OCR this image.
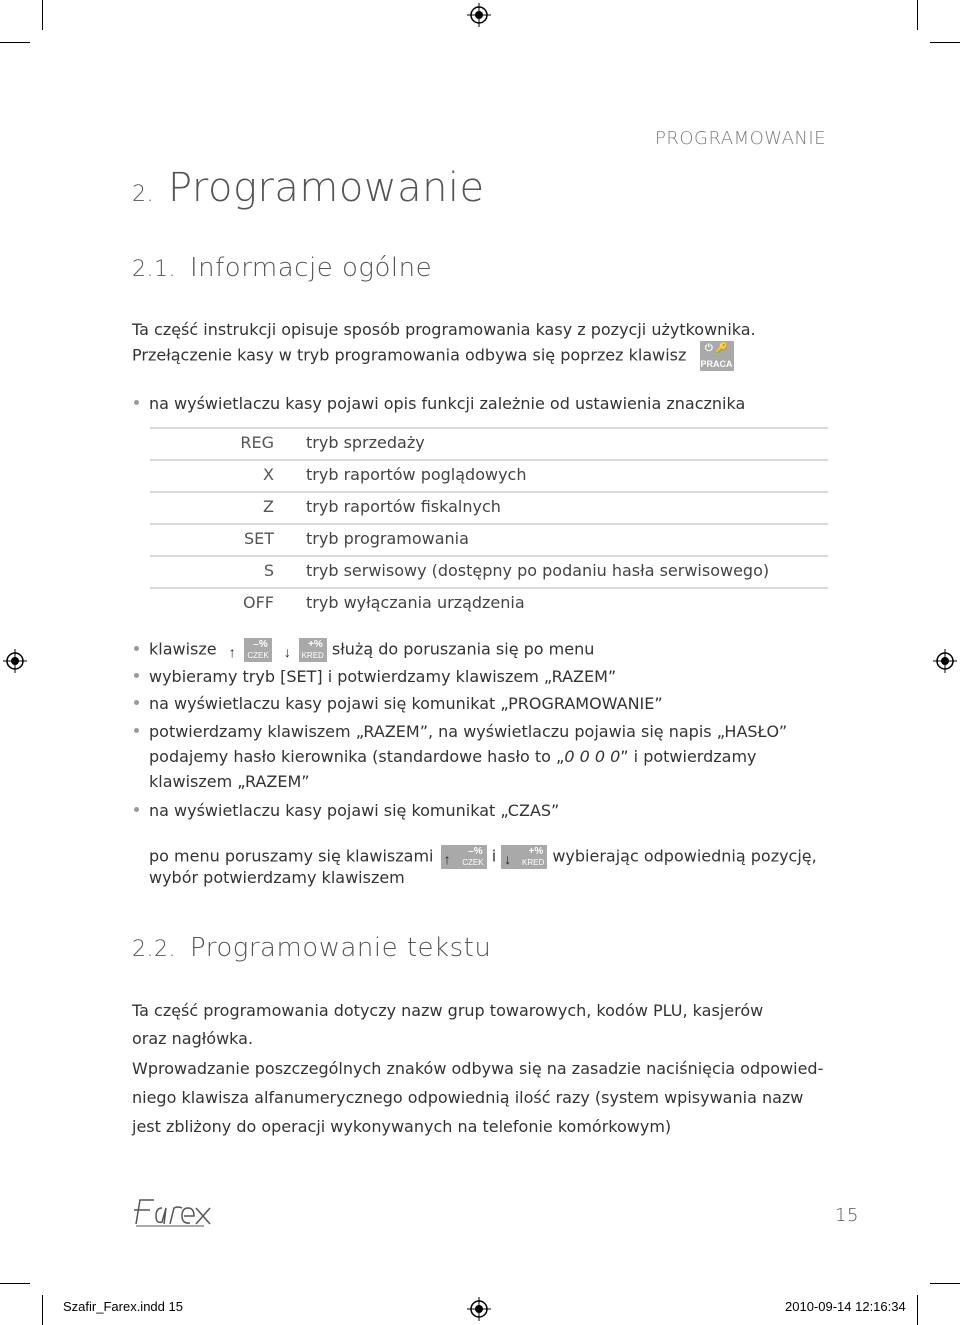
PROGRAMOWANIE
2. Programowanie
2.1. Informacje ogólne
Ta część instrukcji opisuje sposób programowania kasy z pozycji użytkownika.
Przełączenie kasy w tryb programowania odbywa się poprzez klawisz	⏻ 🔑
PRACA
na wyświetlaczu kasy pojawi opis funkcji zależnie od ustawienia znacznika
REG tryb sprzedaży
X tryb raportów poglądowych
Z tryb raportów fiskalnych
SET tryb programowania
S tryb serwisowy (dostępny po podaniu hasła serwisowego)
OFF tryb wyłączania urządzenia
klawisze ↑ –%
CZEK
↓ +%
KRED służą do poruszania się po menu
wybieramy tryb [SET] i potwierdzamy klawiszem „RAZEM”
na wyświetlaczu kasy pojawi się komunikat „PROGRAMOWANIE”
potwierdzamy klawiszem „RAZEM”, na wyświetlaczu pojawia się napis „HASŁO”
podajemy hasło kierownika (standardowe hasło to „0 0 0 0” i potwierdzamy
klawiszem „RAZEM”
na wyświetlaczu kasy pojawi się komunikat „CZAS”
po menu poruszamy się klawiszami ↑ –%
CZEK i ↓ +%
KRED wybierając odpowiednią pozycję,
wybór potwierdzamy klawiszem
2.2. Programowanie tekstu
Ta część programowania dotyczy nazw grup towarowych, kodów PLU, kasjerów
oraz nagłówka.
Wprowadzanie poszczególnych znaków odbywa się na zasadzie naciśnięcia odpowied-
niego klawisza alfanumerycznego odpowiednią ilość razy (system wpisywania nazw
jest zbliżony do operacji wykonywanych na telefonie komórkowym)
15
Szafir_Farex.indd 15	2010-09-14 12:16:34
